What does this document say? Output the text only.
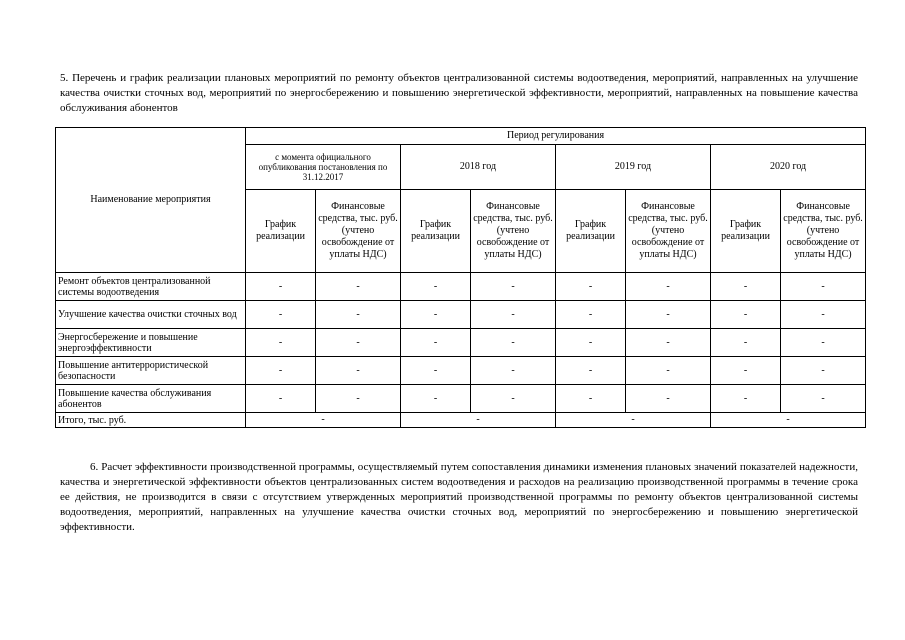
5. Перечень и график реализации плановых мероприятий по ремонту объектов централизованной системы водоотведения, мероприятий, направленных на улучшение качества очистки сточных вод, мероприятий по энергосбережению и повышению энергетической эффективности, мероприятий, направленных на повышение качества обслуживания абонентов
Наименование мероприятия	Период регулирования							
	с момента официального опубликования постановления по 31.12.2017		2018 год		2019 год		2020 год	
	График реализации	Финансовые средства, тыс. руб. (учтено освобождение от уплаты НДС)	График реализации	Финансовые средства, тыс. руб. (учтено освобождение от уплаты НДС)	График реализации	Финансовые средства, тыс. руб. (учтено освобождение от уплаты НДС)	График реализации	Финансовые средства, тыс. руб. (учтено освобождение от уплаты НДС)
Ремонт объектов централизованной системы водоотведения	-	-	-	-	-	-	-	-
Улучшение качества очистки сточных вод	-	-	-	-	-	-	-	-
Энергосбережение и повышение энергоэффективности	-	-	-	-	-	-	-	-
Повышение антитеррористической безопасности	-	-	-	-	-	-	-	-
Повышение качества обслуживания абонентов	-	-	-	-	-	-	-	-
Итого, тыс. руб.	-		-		-		-	
6. Расчет эффективности производственной программы, осуществляемый путем сопоставления динамики изменения плановых значений показателей надежности, качества и энергетической эффективности объектов централизованных систем водоотведения и расходов на реализацию производственной программы в течение срока ее действия, не производится в связи с отсутствием утвержденных мероприятий производственной программы по ремонту объектов централизованной системы водоотведения, мероприятий, направленных на улучшение качества очистки сточных вод, мероприятий по энергосбережению и повышению энергетической эффективности.
